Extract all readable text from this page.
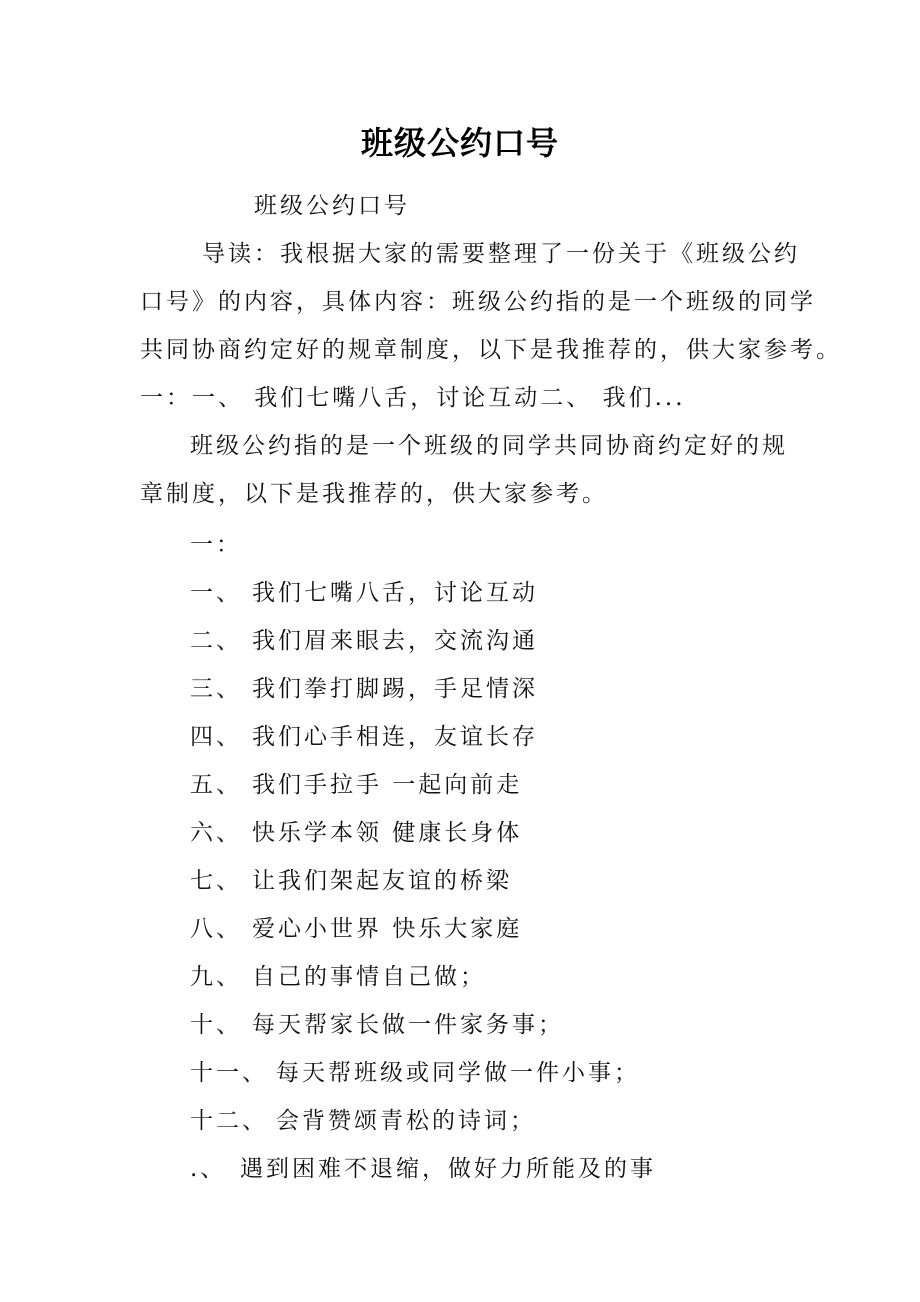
班级公约口号
班级公约口号
导读：我根据大家的需要整理了一份关于《班级公约
口号》的内容，具体内容：班级公约指的是一个班级的同学
共同协商约定好的规章制度，以下是我推荐的，供大家参考。
一：一、 我们七嘴八舌，讨论互动二、 我们...
班级公约指的是一个班级的同学共同协商约定好的规
章制度，以下是我推荐的，供大家参考。
一：
一、 我们七嘴八舌，讨论互动
二、 我们眉来眼去，交流沟通
三、 我们拳打脚踢，手足情深
四、 我们心手相连，友谊长存
五、 我们手拉手 一起向前走
六、 快乐学本领 健康长身体
七、 让我们架起友谊的桥梁
八、 爱心小世界 快乐大家庭
九、 自己的事情自己做；
十、 每天帮家长做一件家务事；
十一、 每天帮班级或同学做一件小事；
十二、 会背赞颂青松的诗词；
.、 遇到困难不退缩，做好力所能及的事
